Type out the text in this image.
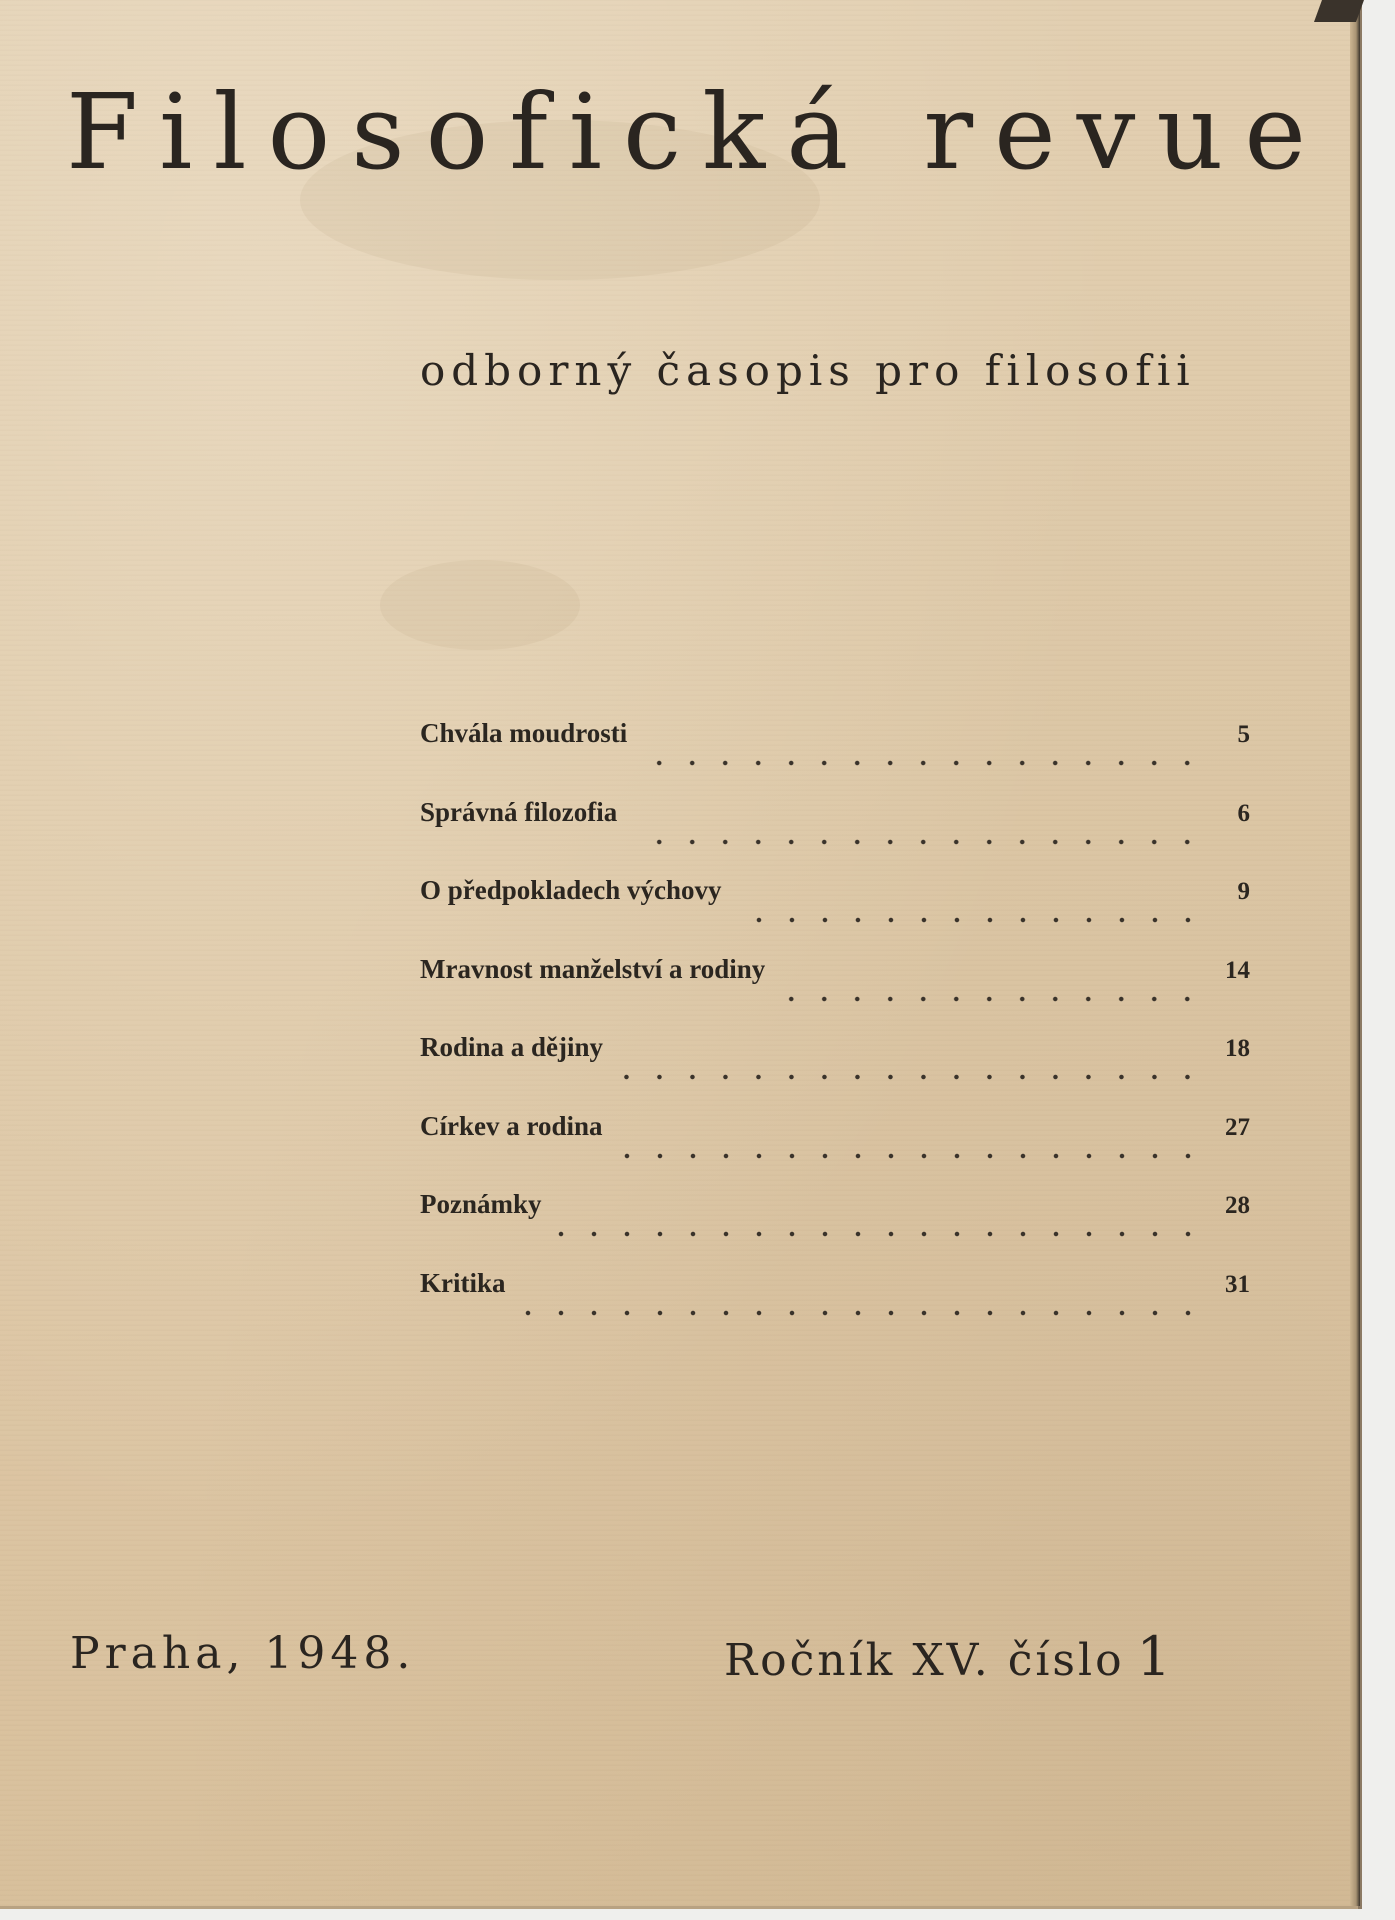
Filosofická revue
odborný časopis pro filosofii
Chvála moudrosti	5
Správná filozofia	6
O předpokladech výchovy	9
Mravnost manželství a rodiny	14
Rodina a dějiny	18
Církev a rodina	27
Poznámky	28
Kritika	31
Praha, 1948.	Ročník XV. číslo 1
